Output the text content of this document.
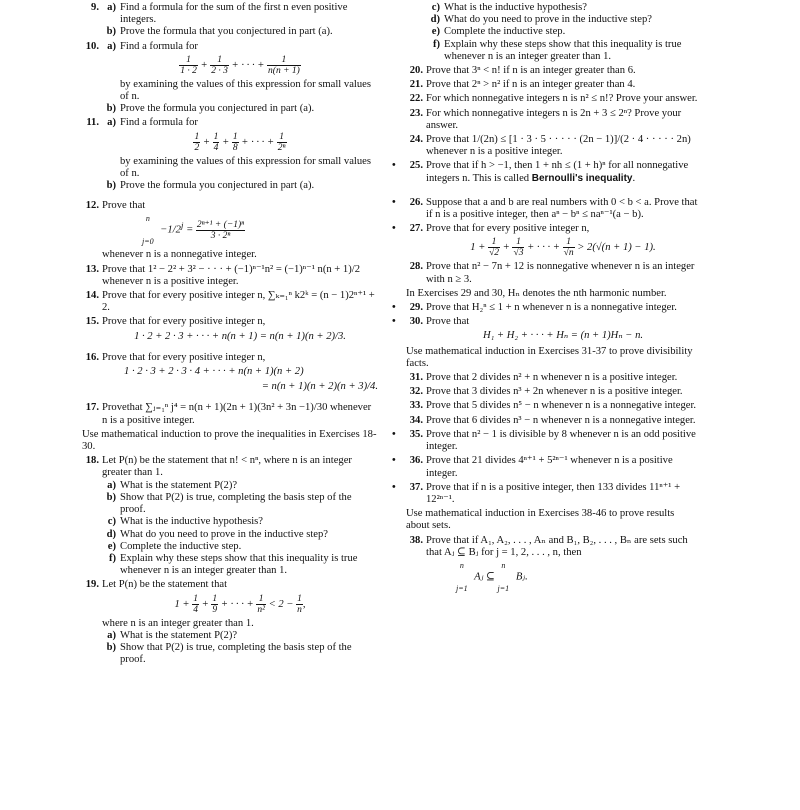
9. a) Find a formula for the sum of the first n even positive integers.
b) Prove the formula that you conjectured in part (a).
10. a) Find a formula for
$\frac{1}{1 \cdot 2} + \frac{1}{2 \cdot 3}$ + · · · + $\frac{1}{n(n + 1)}$
by examining the values of this expression for small values of n.
b) Prove the formula you conjectured in part (a).
11. a) Find a formula for
$\frac{1}{2} + \frac{1}{4} + \frac{1}{8}$ + · · · + $\frac{1}{\text{2ⁿ}}$
by examining the values of this expression for small values of n.
b) Prove the formula you conjectured in part (a).
12. Prove that
n

$j=0 -1/2^j = \frac{\text{2ⁿ⁺¹ + (−1)ⁿ}}{\text{3 · 2ⁿ}}$
whenever n is a nonnegative integer.
13. Prove that 1² − 2² + 3² − · · · + (−1)ⁿ⁻¹n² = (−1)ⁿ⁻¹ n(n + 1)/2 whenever n is a positive integer.
14. Prove that for every positive integer n, ∑ₖ₌₁ⁿ k2ᵏ = (n − 1)2ⁿ⁺¹ + 2.
15. Prove that for every positive integer n,
1 · 2 + 2 · 3 + · · · + n(n + 1) = n(n + 1)(n + 2)/3.
16. Prove that for every positive integer n,
1 · 2 · 3 + 2 · 3 · 4 + · · · + n(n + 1)(n + 2)
= n(n + 1)(n + 2)(n + 3)/4.
17. Provethat ∑ⱼ₌₁ⁿ j⁴ = n(n + 1)(2n + 1)(3n² + 3n −1)/30 whenever n is a positive integer.
Use mathematical induction to prove the inequalities in Exercises 18-30.
18. Let P(n) be the statement that n! < nⁿ, where n is an integer greater than 1.
a) What is the statement P(2)?
b) Show that P(2) is true, completing the basis step of the proof.
c) What is the inductive hypothesis?
d) What do you need to prove in the inductive step?
e) Complete the inductive step.
f) Explain why these steps show that this inequality is true whenever n is an integer greater than 1.
19. Let P(n) be the statement that
$1 + \frac{1}{4} + \frac{1}{9}$ + · · · + $\frac{1}{\text{n²}} < 2 - \frac{1}{n}$ ,
where n is an integer greater than 1.
a) What is the statement P(2)?
b) Show that P(2) is true, completing the basis step of the proof.
c) What is the inductive hypothesis?
d) What do you need to prove in the inductive step?
e) Complete the inductive step.
f) Explain why these steps show that this inequality is true whenever n is an integer greater than 1.
20. Prove that 3ⁿ < n! if n is an integer greater than 6.
21. Prove that 2ⁿ > n² if n is an integer greater than 4.
22. For which nonnegative integers n is n² ≤ n!? Prove your answer.
23. For which nonnegative integers n is 2n + 3 ≤ 2ⁿ? Prove your answer.
24. Prove that 1/(2n) ≤ [1 · 3 · 5 · · · · · (2n − 1)]/(2 · 4 · · · · · 2n) whenever n is a positive integer.
• 25. Prove that if h > −1, then 1 + nh ≤ (1 + h)ⁿ for all nonnegative integers n. This is called Bernoulli's inequality.
• 26. Suppose that a and b are real numbers with 0 < b < a. Prove that if n is a positive integer, then aⁿ − bⁿ ≤ naⁿ⁻¹(a − b).
• 27. Prove that for every positive integer n,
$1 + \frac{1}{√2} + \frac{1}{√3}$ + · · · + $\frac{1}{√n} > 2(√(n + 1) - 1)$.
28. Prove that n² − 7n + 12 is nonnegative whenever n is an integer with n ≥ 3.
In Exercises 29 and 30, Hₙ denotes the nth harmonic number.
• 29. Prove that H₂ⁿ ≤ 1 + n whenever n is a nonnegative integer.
• 30. Prove that
H₁ + H₂ + · · · + Hₙ = (n + 1)Hₙ − n.
Use mathematical induction in Exercises 31-37 to prove divisibility facts.
31. Prove that 2 divides n² + n whenever n is a positive integer.
32. Prove that 3 divides n³ + 2n whenever n is a positive integer.
33. Prove that 5 divides n⁵ − n whenever n is a nonnegative integer.
34. Prove that 6 divides n³ − n whenever n is a nonnegative integer.
• 35. Prove that n² − 1 is divisible by 8 whenever n is an odd positive integer.
• 36. Prove that 21 divides 4ⁿ⁺¹ + 5²ⁿ⁻¹ whenever n is a positive integer.
• 37. Prove that if n is a positive integer, then 133 divides 11ⁿ⁺¹ + 12²ⁿ⁻¹.
Use mathematical induction in Exercises 38-46 to prove results about sets.
38. Prove that if A₁, A₂, . . . , Aₙ and B₁, B₂, . . . , Bₙ are sets such that Aⱼ ⊆ Bⱼ for j = 1, 2, . . . , n, then
n

j=1 Aⱼ ⊆ n

j=1 Bⱼ.
